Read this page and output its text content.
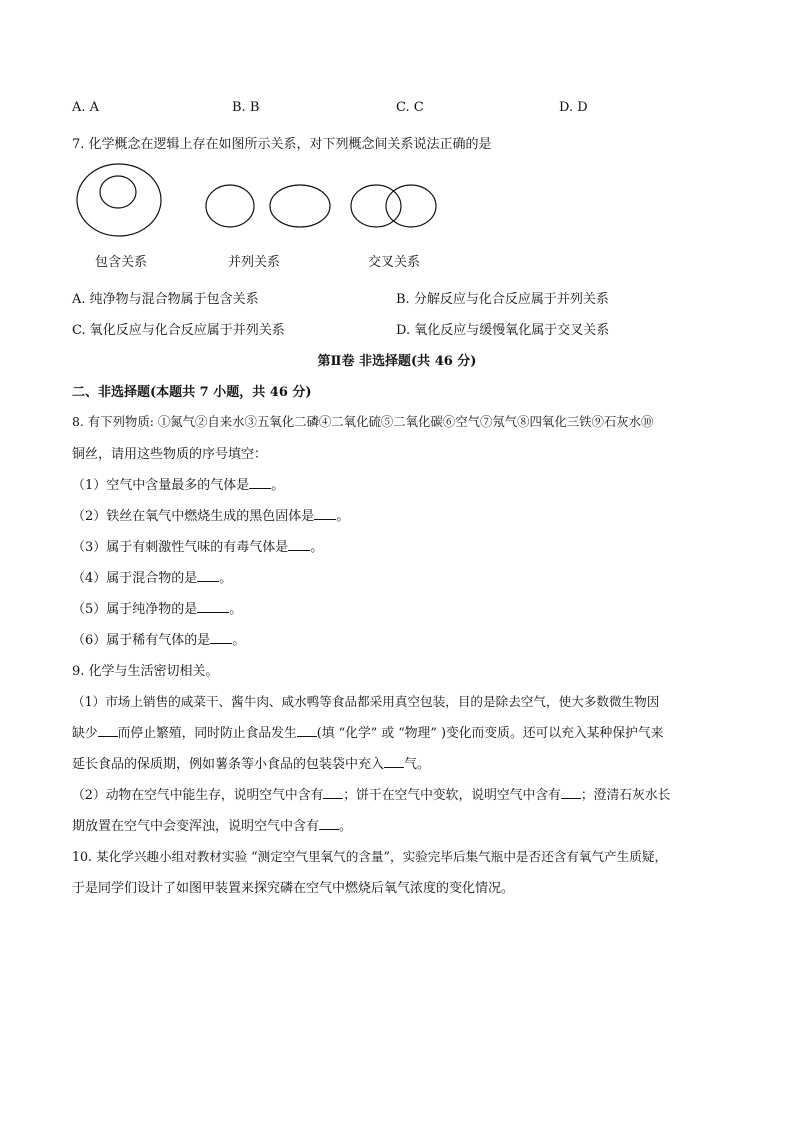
A. A	B. B	C. C	D. D
7. 化学概念在逻辑上存在如图所示关系，对下列概念间关系说法正确的是
包含关系	并列关系	交叉关系
A. 纯净物与混合物属于包含关系	B. 分解反应与化合反应属于并列关系
C. 氧化反应与化合反应属于并列关系	D. 氧化反应与缓慢氧化属于交叉关系
第Ⅱ卷 非选择题(共 46 分)
二、非选择题(本题共 7 小题，共 46 分)
8. 有下列物质: ①氮气②自来水③五氧化二磷④二氧化硫⑤二氧化碳⑥空气⑦氖气⑧四氧化三铁⑨石灰水⑩
铜丝，请用这些物质的序号填空：
（1）空气中含量最多的气体是 。
（2）铁丝在氧气中燃烧生成的黑色固体是 。
（3）属于有刺激性气味的有毒气体是 。
（4）属于混合物的是 。
（5）属于纯净物的是 。
（6）属于稀有气体的是 。
9. 化学与生活密切相关。
（1）市场上销售的咸菜干、酱牛肉、咸水鸭等食品都采用真空包装，目的是除去空气，使大多数微生物因
缺少 而停止繁殖，同时防止食品发生 (填 “化学” 或 “物理” )变化而变质。还可以充入某种保护气来
延长食品的保质期，例如薯条等小食品的包装袋中充入 气。
（2）动物在空气中能生存，说明空气中含有 ；饼干在空气中变软，说明空气中含有 ；澄清石灰水长
期放置在空气中会变浑浊，说明空气中含有 。
10. 某化学兴趣小组对教材实验 “测定空气里氧气的含量”，实验完毕后集气瓶中是否还含有氧气产生质疑，
于是同学们设计了如图甲装置来探究磷在空气中燃烧后氧气浓度的变化情况。
